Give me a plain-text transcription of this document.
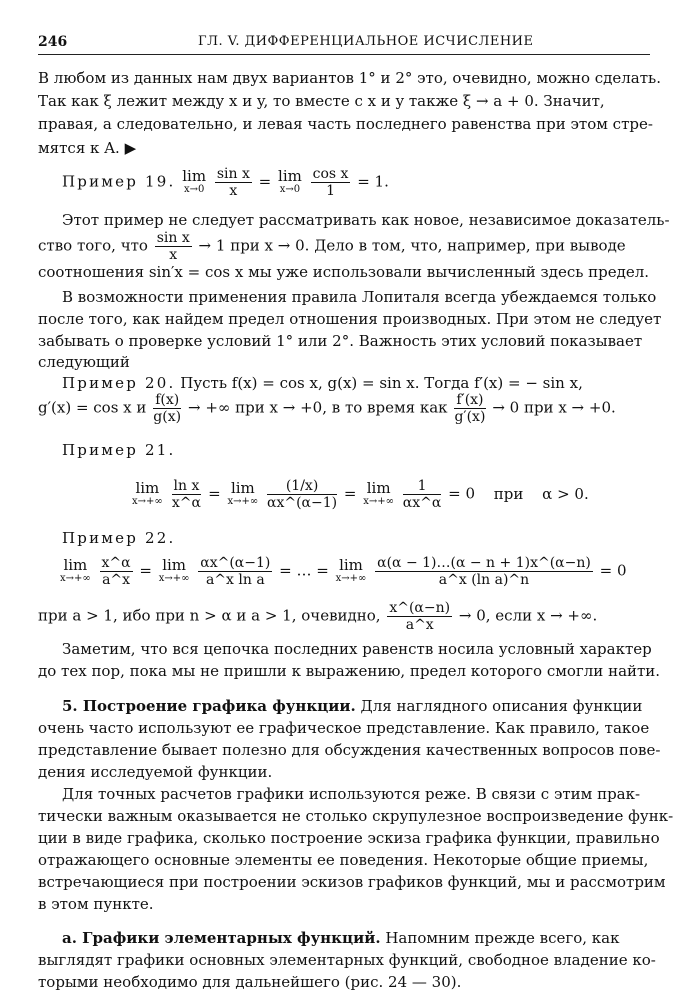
246	ГЛ. V. ДИФФЕРЕНЦИАЛЬНОЕ ИСЧИСЛЕНИЕ
В любом из данных нам двух вариантов 1° и 2° это, очевидно, можно сделать.
Так как ξ лежит между x и y, то вместе с x и y также ξ → a + 0. Значит,
правая, а следовательно, и левая часть последнего равенства при этом стре-
мятся к A. ▶
Пример 19. lim
x→0
$\frac{\text{sin x}}{x} = \lim$
x→0
$\frac{\text{cos x}}{1} = 1$.
Этот пример не следует рассматривать как новое, независимое доказатель-
ство того, что $\frac{\text{sin x}}{x} \to 1$ при x → 0. Дело в том, что, например, при выводе
соотношения sin′x = cos x мы уже использовали вычисленный здесь предел.
В возможности применения правила Лопиталя всегда убеждаемся только
после того, как найдем предел отношения производных. При этом не следует
забывать о проверке условий 1° или 2°. Важность этих условий показывает
следующий
Пример 20. Пусть f(x) = cos x, g(x) = sin x. Тогда f′(x) = − sin x,
g′(x) = cos x и $\frac{f(x)}{g(x)}$ → +∞ при x → +0, в то время как $\frac{f'(x)}{g'(x)} \to 0$ при x → +0.
Пример 21.
lim
x→+∞
$\frac{\text{ln x}}{x\^{}\alpha} = \lim$
x→+∞
$\frac{(1/x)}{\alpha x\^{}(\alpha-1)} = \lim$
x→+∞
$\frac{1}{\alpha x\^{}\alpha} = 0$ при α > 0.
Пример 22.
lim
x→+∞
$\frac{x\^{}\alpha}{a\^{}x} = \lim$
x→+∞
$\frac{\alpha x\^{}(\alpha-1)}{\text{a\textasciicircum{}x ln a}}$ = … = lim
x→+∞
$\frac{\alpha(\alpha - 1)\dots(\alpha - n + 1)x\^{}(\alpha-n)}{\text{a\textasciicircum{}x (ln a)\textasciicircum{}n}} = 0$
при a > 1, ибо при n > α и a > 1, очевидно, $\frac{x\^{}(\alpha-n)}{a\^{}x} \to 0$, если x → +∞.
Заметим, что вся цепочка последних равенств носила условный характер
до тех пор, пока мы не пришли к выражению, предел которого смогли найти.
5. Построение графика функции. Для наглядного описания функции
очень часто используют ее графическое представление. Как правило, такое
представление бывает полезно для обсуждения качественных вопросов пове-
дения исследуемой функции.
Для точных расчетов графики используются реже. В связи с этим прак-
тически важным оказывается не столько скрупулезное воспроизведение функ-
ции в виде графика, сколько построение эскиза графика функции, правильно
отражающего основные элементы ее поведения. Некоторые общие приемы,
встречающиеся при построении эскизов графиков функций, мы и рассмотрим
в этом пункте.
а. Графики элементарных функций. Напомним прежде всего, как
выглядят графики основных элементарных функций, свободное владение ко-
торыми необходимо для дальнейшего (рис. 24 — 30).
